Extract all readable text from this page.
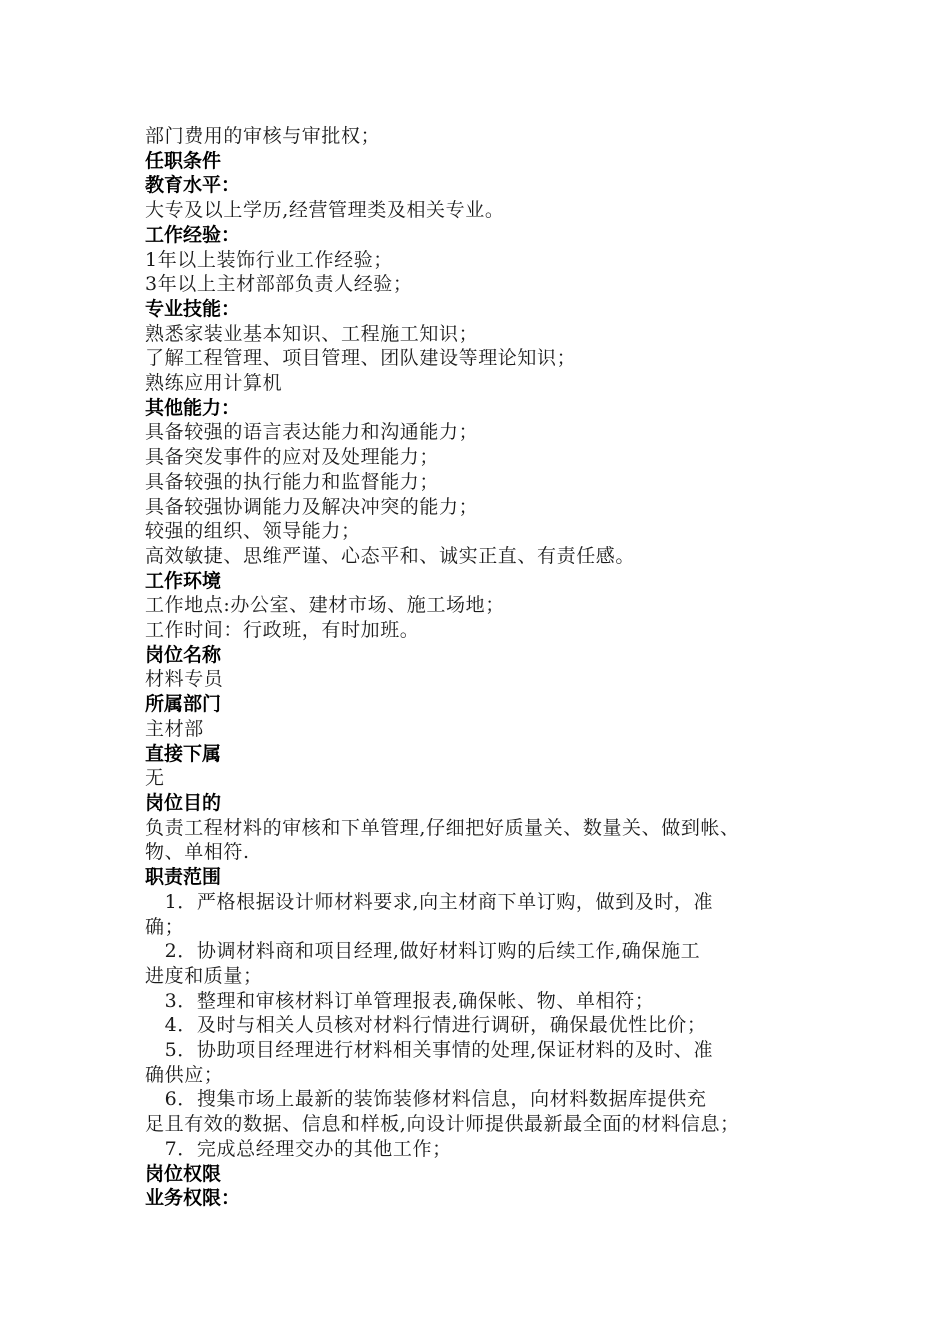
部门费用的审核与审批权；
任职条件
教育水平：
大专及以上学历,经营管理类及相关专业。
工作经验：
1年以上装饰行业工作经验；
3年以上主材部部负责人经验；
专业技能：
熟悉家装业基本知识、工程施工知识；
了解工程管理、项目管理、团队建设等理论知识；
熟练应用计算机
其他能力：
具备较强的语言表达能力和沟通能力；
具备突发事件的应对及处理能力；
具备较强的执行能力和监督能力；
具备较强协调能力及解决冲突的能力；
较强的组织、领导能力；
高效敏捷、思维严谨、心态平和、诚实正直、有责任感。
工作环境
工作地点:办公室、建材市场、施工场地；
工作时间：行政班，有时加班。
岗位名称
材料专员
所属部门
主材部
直接下属
无
岗位目的
负责工程材料的审核和下单管理,仔细把好质量关、数量关、做到帐、
物、单相符.
职责范围
　1．严格根据设计师材料要求,向主材商下单订购，做到及时，准
确；
　2．协调材料商和项目经理,做好材料订购的后续工作,确保施工
进度和质量；
　3．整理和审核材料订单管理报表,确保帐、物、单相符；
　4．及时与相关人员核对材料行情进行调研，确保最优性比价；
　5．协助项目经理进行材料相关事情的处理,保证材料的及时、准
确供应；
　6．搜集市场上最新的装饰装修材料信息，向材料数据库提供充
足且有效的数据、信息和样板,向设计师提供最新最全面的材料信息；
　7．完成总经理交办的其他工作；
岗位权限
业务权限：
